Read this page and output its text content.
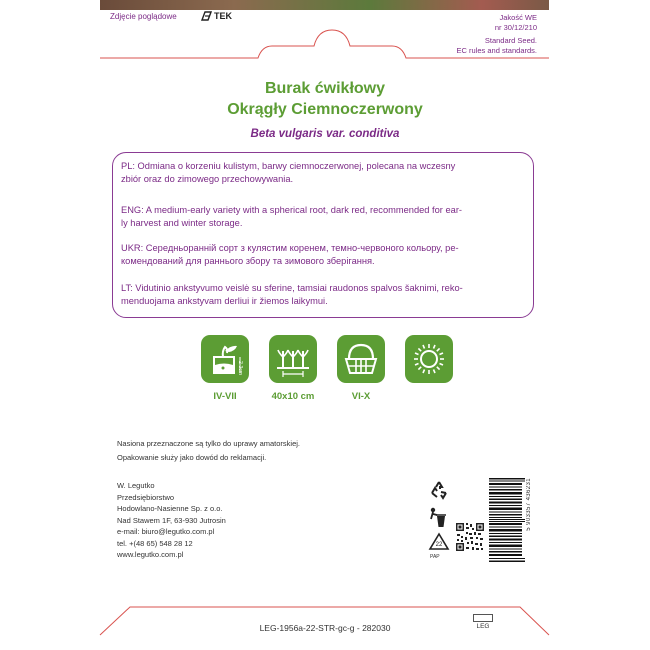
Zdjęcie poglądowe	TEK	Jakość WE
nr 30/12/210
Standard Seed.
EC rules and standards.
Burak ćwikłowy
Okrągły Ciemnoczerwony
Beta vulgaris var. conditiva
PL: Odmiana o korzeniu kulistym, barwy ciemnoczerwonej, polecana na wczesny
zbiór oraz do zimowego przechowywania.
ENG: A medium-early variety with a spherical root, dark red, recommended for ear-
ly harvest and winter storage.
UKR: Середньоранній сорт з кулястим коренем, темно-червоного кольору, ре-
комендований для раннього збору та зимового зберігання.
LT: Vidutinio ankstyvumo veislė su sferine, tamsiai raudonos spalvos šaknimi, reko-
menduojama ankstyvam derliui ir žiemos laikymui.
2-3cm
IV-VII	40x10 cm	VI-X
Nasiona przeznaczone są tylko do uprawy amatorskiej.
Opakowanie służy jako dowód do reklamacji.
W. Legutko
Przedsiębiorstwo
Hodowlano-Nasienne Sp. z o.o.
Nad Stawem 1F, 63-930 Jutrosin
e-mail: biuro@legutko.com.pl
tel. +(48 65) 548 28 12
www.legutko.com.pl
22
PAP
5 903357 436231
LEG-1956a-22-STR-gc-g - 282030	LEG
